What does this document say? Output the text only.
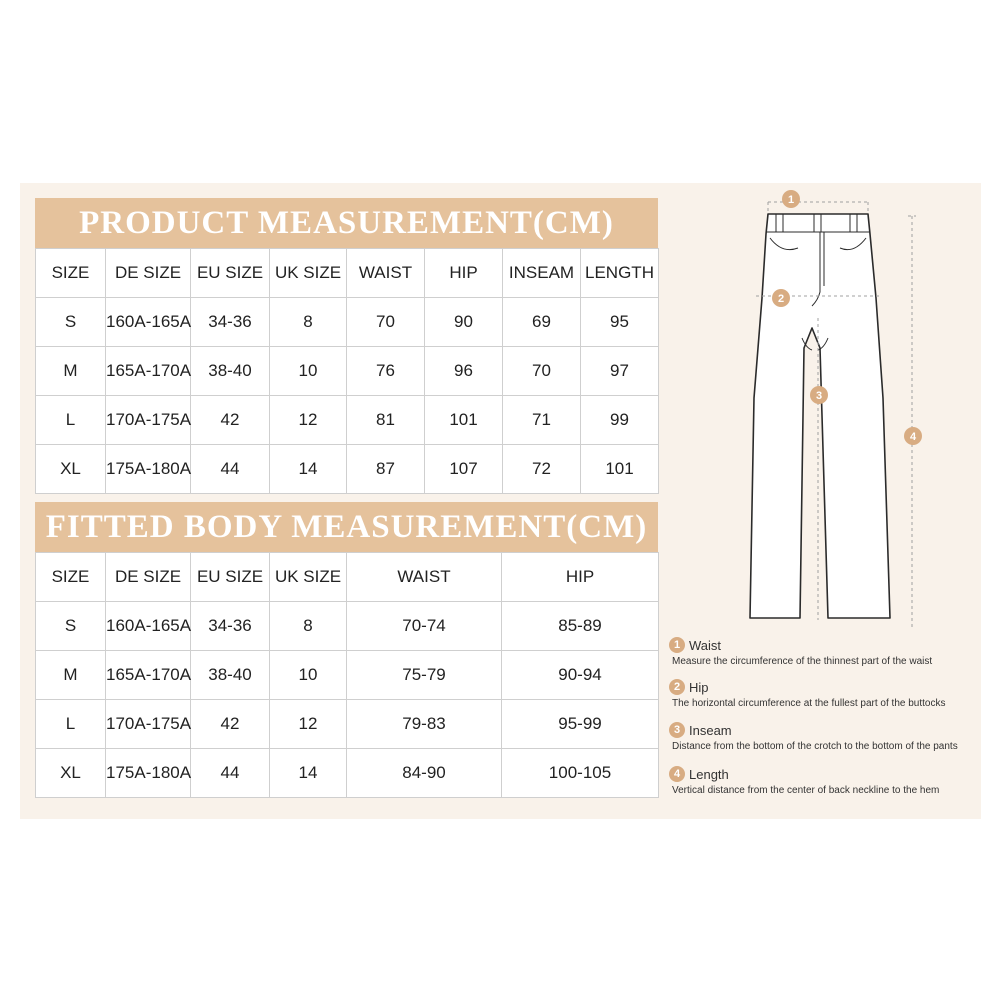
PRODUCT MEASUREMENT(CM)
SIZE	DE SIZE	EU SIZE	UK SIZE	WAIST	HIP	INSEAM	LENGTH
S	160A-165A	34-36	8	70	90	69	95
M	165A-170A	38-40	10	76	96	70	97
L	170A-175A	42	12	81	101	71	99
XL	175A-180A	44	14	87	107	72	101
FITTED BODY MEASUREMENT(CM)
SIZE	DE SIZE	EU SIZE	UK SIZE	WAIST	HIP
S	160A-165A	34-36	8	70-74	85-89
M	165A-170A	38-40	10	75-79	90-94
L	170A-175A	42	12	79-83	95-99
XL	175A-180A	44	14	84-90	100-105
1
2
3
4
1 Waist
Measure the circumference of the thinnest part of the waist
2 Hip
The horizontal circumference at the fullest part of the buttocks
3 Inseam
Distance from the bottom of the crotch to the bottom of the pants
4 Length
Vertical distance from the center of back neckline to the hem
